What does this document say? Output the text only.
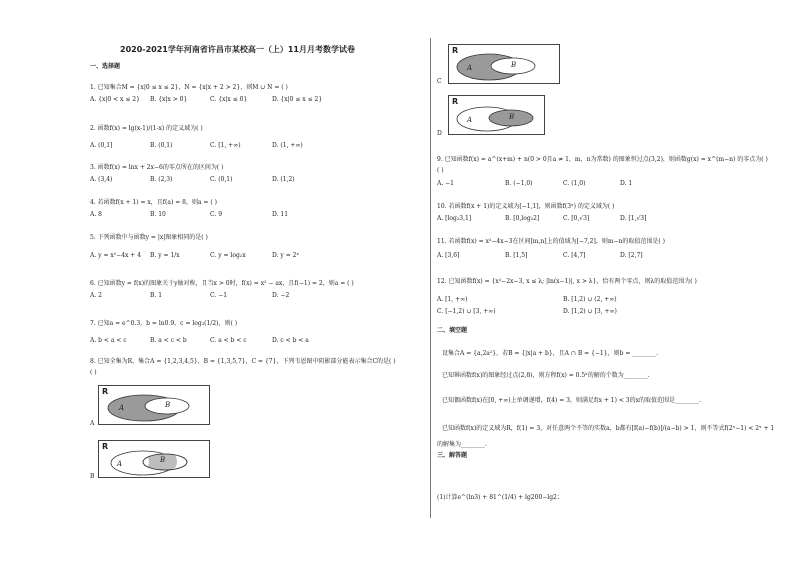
2020-2021学年河南省许昌市某校高一（上）11月月考数学试卷
一、选择题
1. 已知集合M = {x|0 ≤ x ≤ 2}，N = {x|x + 2 > 2}，则M ∪ N = ( )
A. {x|0 < x ≤ 2} B. {x|x > 0}	C. {x|x ≤ 0}	D. {x|0 ≤ x ≤ 2}
2. 函数f(x) = lg(x-1)/(1-x) 的定义域为( )
A. (0,1]	B. (0,1)	C. [1, +∞)	D. (1, +∞)
3. 函数f(x) = lnx + 2x−6的零点所在的区间为( )
A. (3,4)	B. (2,3)	C. (0,1)	D. (1,2)
4. 若函数f(x + 1) = x，且f(a) = 8，则a = ( )
A. 8	B. 10	C. 9	D. 11
5. 下列函数中与函数y = |x|图象相同的是( )
A. y = x²−4x + 4 B. y = 1/x	C. y = log₂x	D. y = 2ˣ
6. 已知函数y = f(x)的图象关于y轴对称，且当x > 0时，f(x) = x² − ax，且f(−1) = 2，则a = ( )
A. 2	B. 1	C. −1	D. −2
7. 已知a = e^0.3，b = ln0.9，c = log₃(1/2)，则( )
A. b < a < c	B. a < c < b	C. a < b < c	D. c < b < a
8. 已知全集为R，集合A = {1,2,3,4,5}，B = {1,3,5,7}，C = {7}，下列韦恩图中阴影部分能表示集合C的是( )
( )
R
A	B
A
R
A	B
B
R
A	B
C
R
A	B
D
9. 已知函数f(x) = a^(x+m) + n(0 > 0且a ≠ 1，m，n为常数) 的图象恒过点(3,2)，则函数g(x) = x^(m−n) 的零点为( )
( )
A. −1	B. (−1,0)	C. (1,0)	D. 1
10. 若函数f(x + 1)的定义域为[−1,1]，则函数f(3ˣ) 的定义域为( )
A. [log₂3,1]	B. [0,log₃2]	C. [0,√3]	D. [1,√3]
11. 若函数f(x) = x²−4x−3在区间[m,n]上的值域为[−7,2]，则m−n的取值范围是( )
A. [3,6]	B. [1,5]	C. [4,7]	D. [2,7]
12. 已知函数f(x) = {x²−2x−3, x ≤ λ; |ln(x−1)|, x > λ}，恰有两个零点，则λ的取值范围为( )
A. [1, +∞)	B. [1,2) ∪ (2, +∞)
C. [−1,2) ∪ [3, +∞)	D. [1,2) ∪ [3, +∞)
二、填空题
设集合A = {a,2a²}，若B = {|x|a + b}，且A ∩ B = {−1}，则b = ________.
已知幂函数f(x)的图象经过点(2,8)，则方程f(x) = 0.5ˣ的解的个数为________.
已知偶函数f(x)在[0, +∞)上单调递增，f(4) = 3，则满足f(x + 1) < 3的x的取值范围是________.
已知函数f(x)的定义域为R，f(1) = 3，对任意两个不等的实数a，b都有[f(a)−f(b)]/(a−b) > 1，则不等式f(2ˣ−1) < 2ˣ + 1
的解集为________.
三、解答题
(1)计算e^(ln3) + 81^(1/4) + lg200−lg2；
